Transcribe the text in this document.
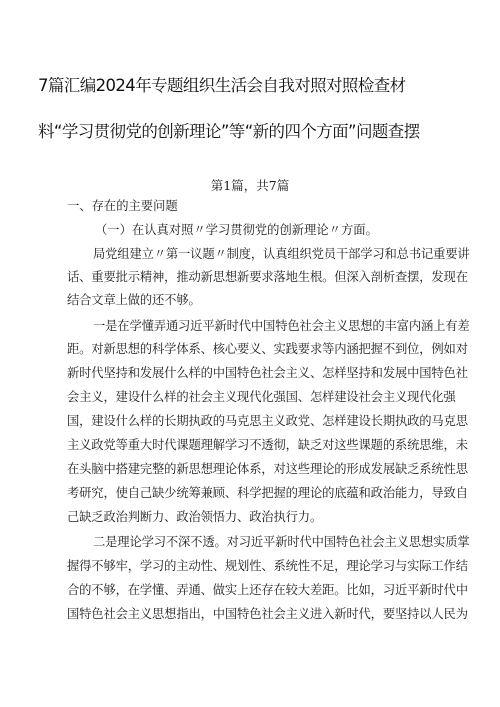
7篇汇编2024年专题组织生活会自我对照对照检查材
料“学习贯彻党的创新理论”等“新的四个方面”问题查摆
第1篇，共7篇
一、存在的主要问题
（一）在认真对照〃学习贯彻党的创新理论〃方面。
局党组建立〃第一议题〃制度，认真组织党员干部学习和总书记重要讲
话、重要批示精神，推动新思想新要求落地生根。但深入剖析查摆，发现在
结合文章上做的还不够。
一是在学懂弄通习近平新时代中国特色社会主义思想的丰富内涵上有差
距。对新思想的科学体系、核心要义、实践要求等内涵把握不到位，例如对
新时代坚持和发展什么样的中国特色社会主义、怎样坚持和发展中国特色社
会主义，建设什么样的社会主义现代化强国、怎样建设社会主义现代化强
国，建设什么样的长期执政的马克思主义政党、怎样建设长期执政的马克思
主义政党等重大时代课题理解学习不透彻，缺乏对这些课题的系统思维，未
在头脑中搭建完整的新思想理论体系，对这些理论的形成发展缺乏系统性思
考研究，使自己缺少统筹兼顾、科学把握的理论的底蕴和政治能力，导致自
己缺乏政治判断力、政治领悟力、政治执行力。
二是理论学习不深不透。对习近平新时代中国特色社会主义思想实质掌
握得不够牢，学习的主动性、规划性、系统性不足，理论学习与实际工作结
合的不够，在学懂、弄通、做实上还存在较大差距。比如，习近平新时代中
国特色社会主义思想指出，中国特色社会主义进入新时代，要坚持以人民为
